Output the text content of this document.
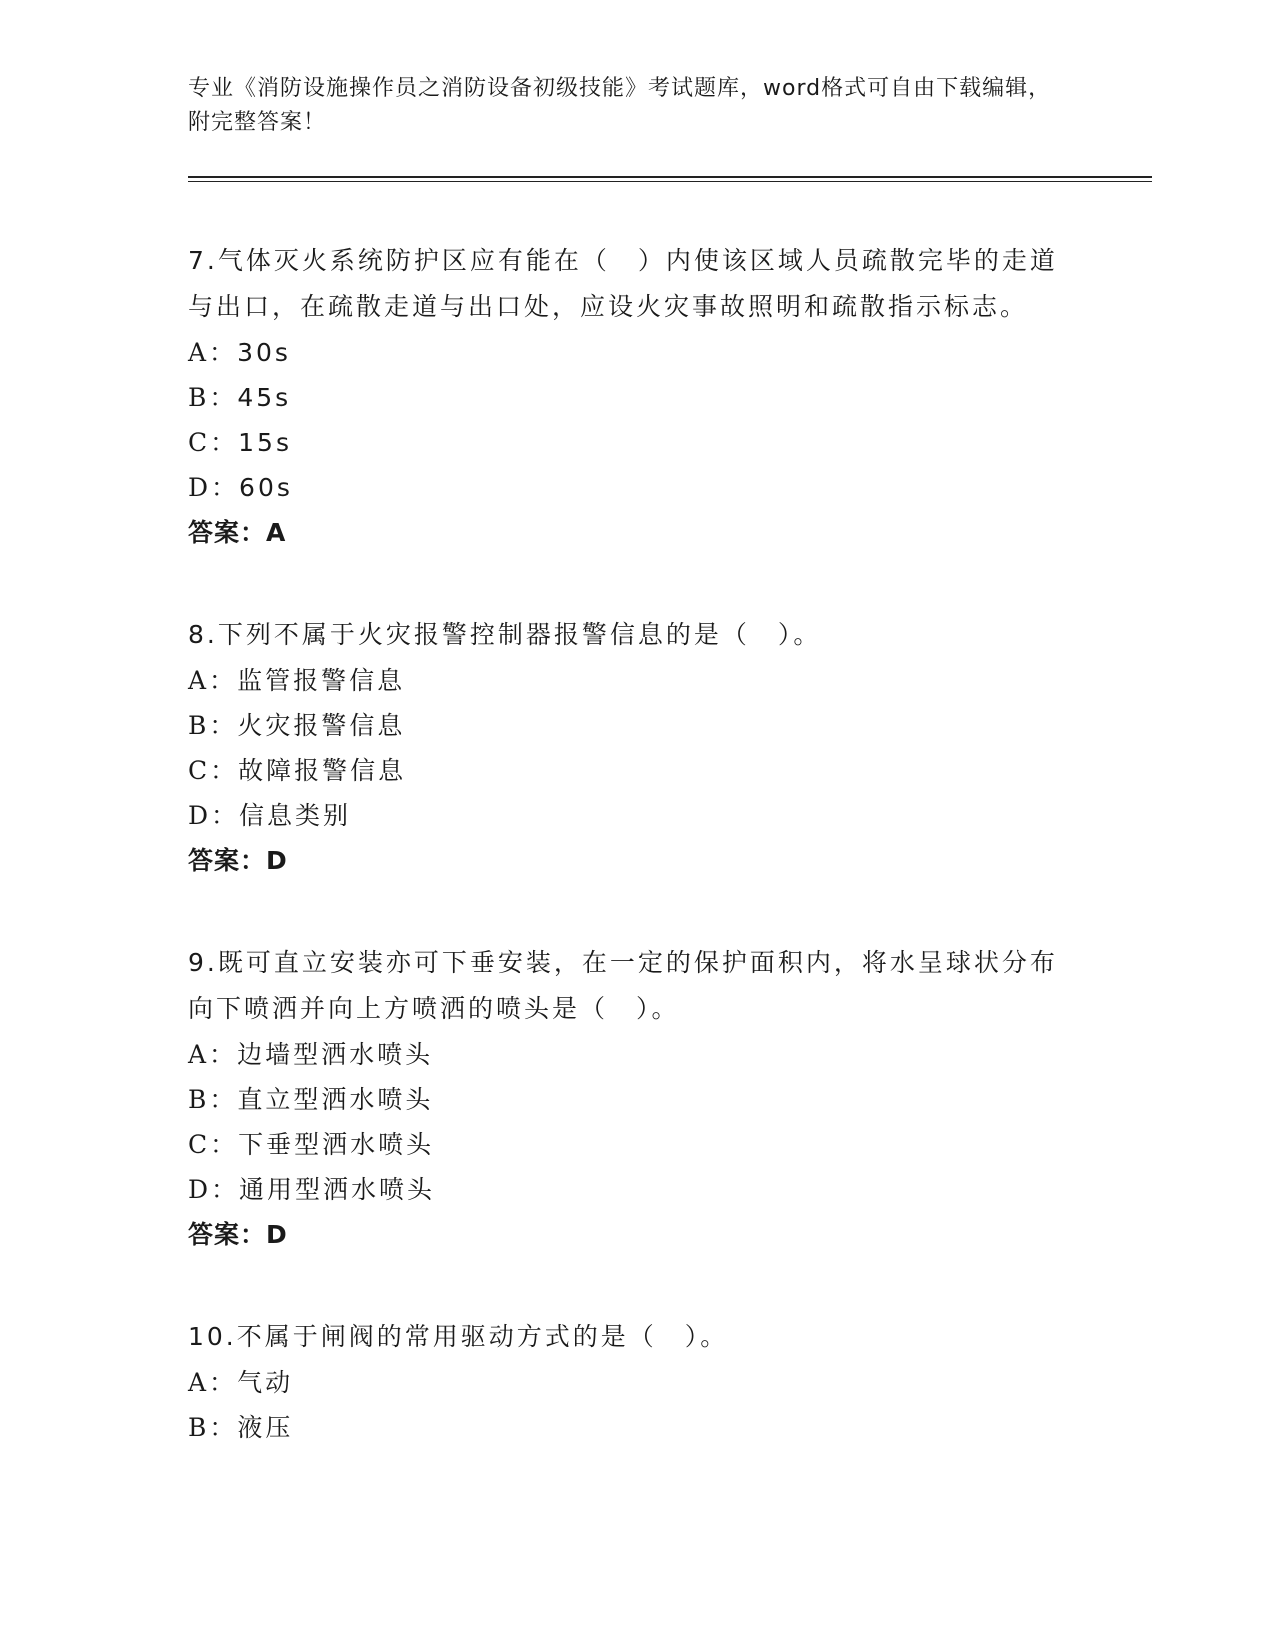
专业《消防设施操作员之消防设备初级技能》考试题库，word格式可自由下载编辑，附完整答案！

7.气体灭火系统防护区应有能在（　）内使该区域人员疏散完毕的走道与出口，在疏散走道与出口处，应设火灾事故照明和疏散指示标志。

A：30s

B：45s

C：15s

D：60s

答案：A

8.下列不属于火灾报警控制器报警信息的是（　）。

A：监管报警信息

B：火灾报警信息

C：故障报警信息

D：信息类别

答案：D

9.既可直立安装亦可下垂安装，在一定的保护面积内，将水呈球状分布向下喷洒并向上方喷洒的喷头是（　）。

A：边墙型洒水喷头

B：直立型洒水喷头

C：下垂型洒水喷头

D：通用型洒水喷头

答案：D

10.不属于闸阀的常用驱动方式的是（　）。

A：气动

B：液压
